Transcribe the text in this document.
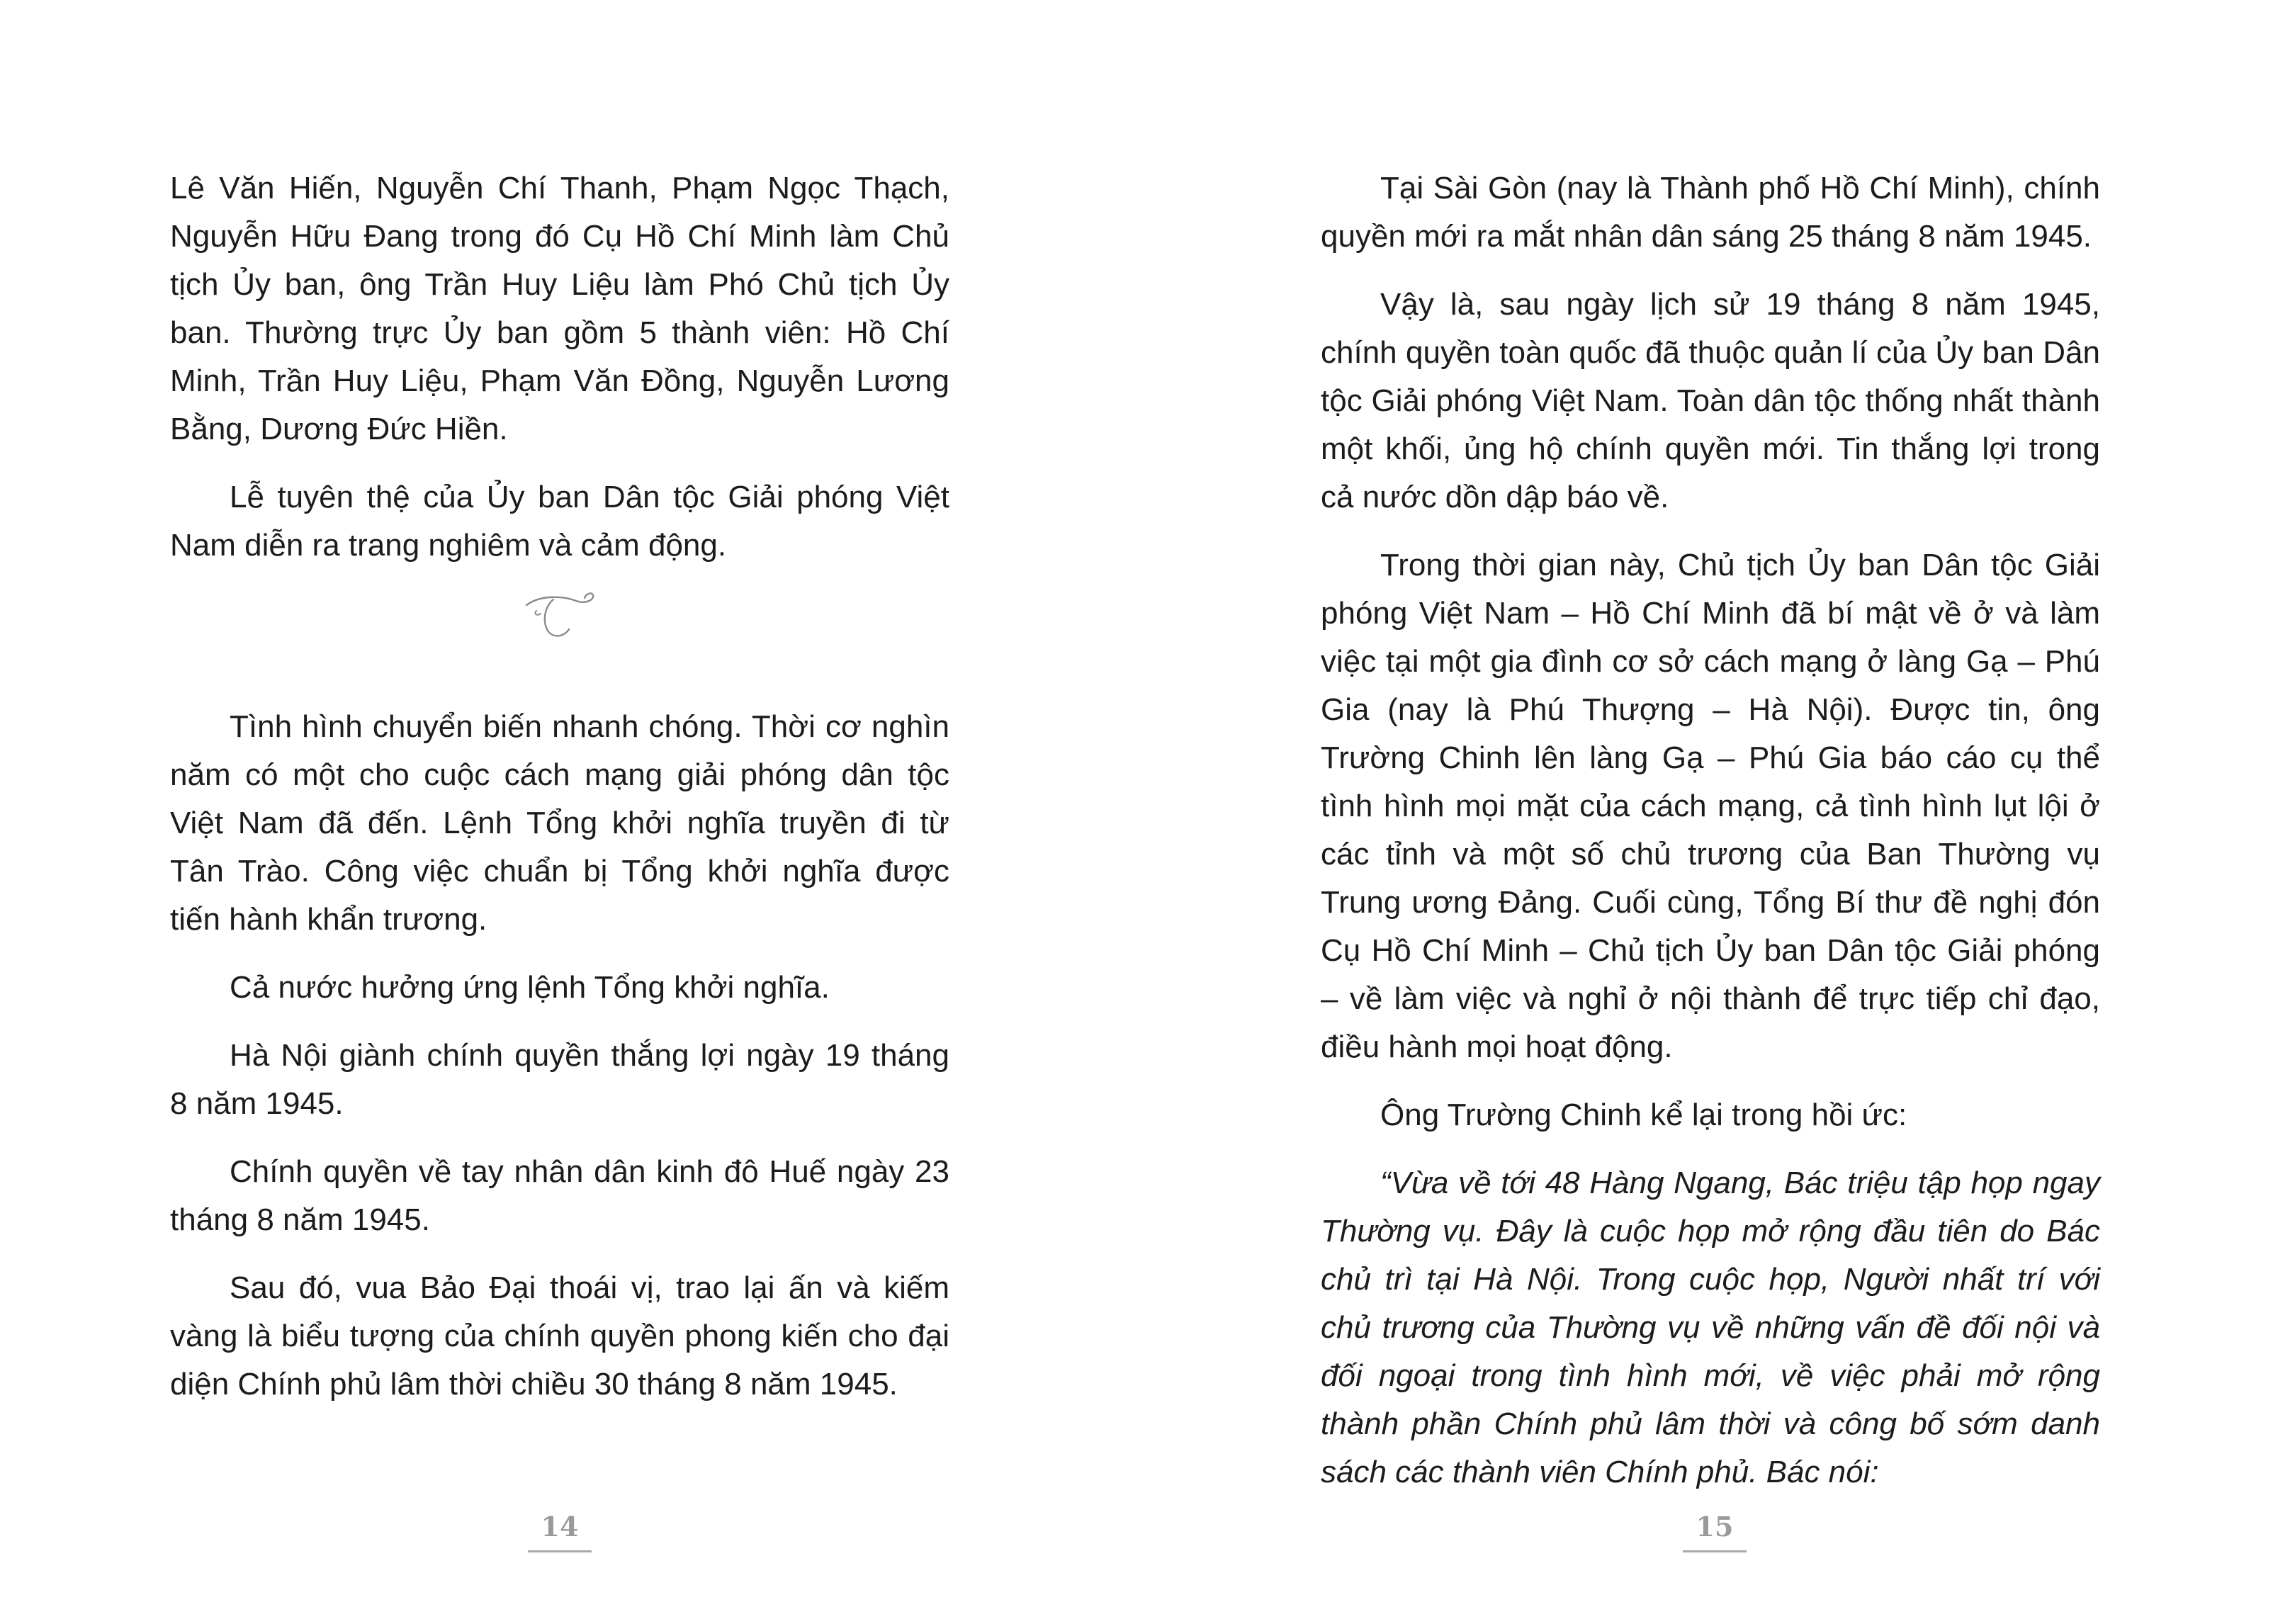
Lê Văn Hiến, Nguyễn Chí Thanh, Phạm Ngọc Thạch, Nguyễn Hữu Đang trong đó Cụ Hồ Chí Minh làm Chủ tịch Ủy ban, ông Trần Huy Liệu làm Phó Chủ tịch Ủy ban. Thường trực Ủy ban gồm 5 thành viên: Hồ Chí Minh, Trần Huy Liệu, Phạm Văn Đồng, Nguyễn Lương Bằng, Dương Đức Hiền.

Lễ tuyên thệ của Ủy ban Dân tộc Giải phóng Việt Nam diễn ra trang nghiêm và cảm động.

Tình hình chuyển biến nhanh chóng. Thời cơ nghìn năm có một cho cuộc cách mạng giải phóng dân tộc Việt Nam đã đến. Lệnh Tổng khởi nghĩa truyền đi từ Tân Trào. Công việc chuẩn bị Tổng khởi nghĩa được tiến hành khẩn trương.

Cả nước hưởng ứng lệnh Tổng khởi nghĩa.

Hà Nội giành chính quyền thắng lợi ngày 19 tháng 8 năm 1945.

Chính quyền về tay nhân dân kinh đô Huế ngày 23 tháng 8 năm 1945.

Sau đó, vua Bảo Đại thoái vị, trao lại ấn và kiếm vàng là biểu tượng của chính quyền phong kiến cho đại diện Chính phủ lâm thời chiều 30 tháng 8 năm 1945.

14

Tại Sài Gòn (nay là Thành phố Hồ Chí Minh), chính quyền mới ra mắt nhân dân sáng 25 tháng 8 năm 1945.

Vậy là, sau ngày lịch sử 19 tháng 8 năm 1945, chính quyền toàn quốc đã thuộc quản lí của Ủy ban Dân tộc Giải phóng Việt Nam. Toàn dân tộc thống nhất thành một khối, ủng hộ chính quyền mới. Tin thắng lợi trong cả nước dồn dập báo về.

Trong thời gian này, Chủ tịch Ủy ban Dân tộc Giải phóng Việt Nam – Hồ Chí Minh đã bí mật về ở và làm việc tại một gia đình cơ sở cách mạng ở làng Gạ – Phú Gia (nay là Phú Thượng – Hà Nội). Được tin, ông Trường Chinh lên làng Gạ – Phú Gia báo cáo cụ thể tình hình mọi mặt của cách mạng, cả tình hình lụt lội ở các tỉnh và một số chủ trương của Ban Thường vụ Trung ương Đảng. Cuối cùng, Tổng Bí thư đề nghị đón Cụ Hồ Chí Minh – Chủ tịch Ủy ban Dân tộc Giải phóng – về làm việc và nghỉ ở nội thành để trực tiếp chỉ đạo, điều hành mọi hoạt động.

Ông Trường Chinh kể lại trong hồi ức:

“Vừa về tới 48 Hàng Ngang, Bác triệu tập họp ngay Thường vụ. Đây là cuộc họp mở rộng đầu tiên do Bác chủ trì tại Hà Nội. Trong cuộc họp, Người nhất trí với chủ trương của Thường vụ về những vấn đề đối nội và đối ngoại trong tình hình mới, về việc phải mở rộng thành phần Chính phủ lâm thời và công bố sớm danh sách các thành viên Chính phủ. Bác nói:

15
